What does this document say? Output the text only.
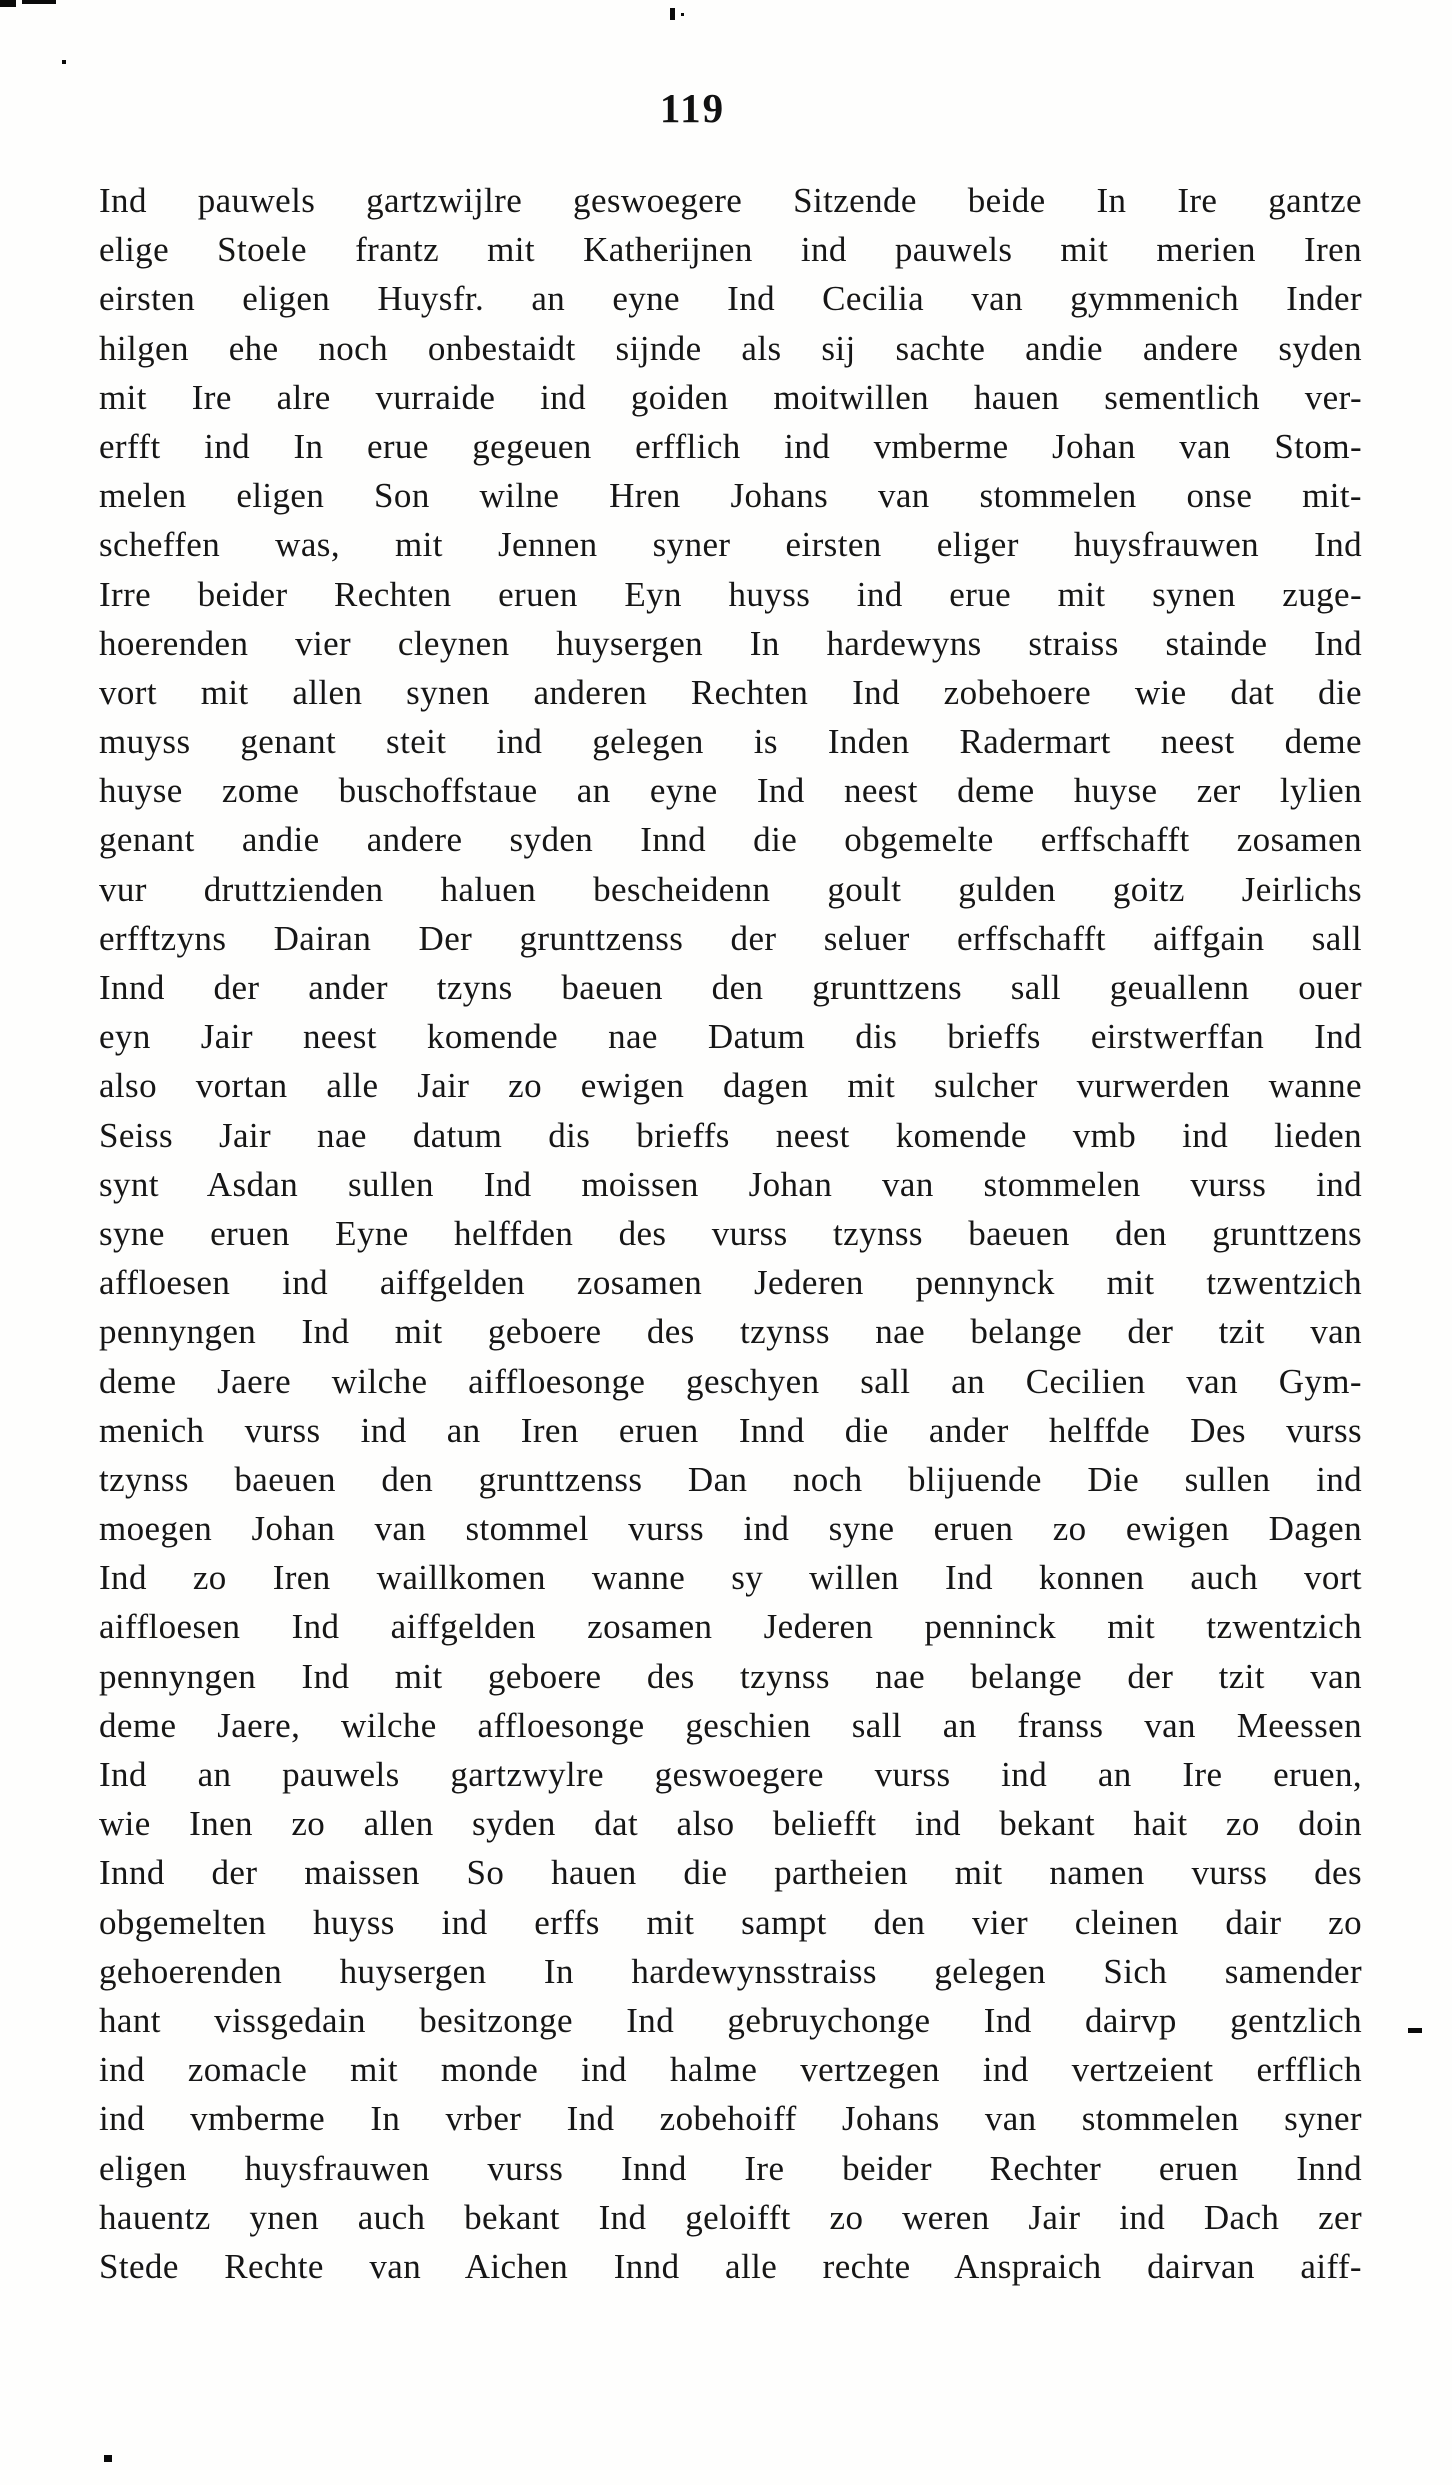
119
Ind pauwels gartzwijlre geswoegere Sitzende beide In Ire gantze
elige Stoele frantz mit Katherijnen ind pauwels mit merien Iren
eirsten eligen Huysfr. an eyne Ind Cecilia van gymmenich Inder
hilgen ehe noch onbestaidt sijnde als sij sachte andie andere syden
mit Ire alre vurraide ind goiden moitwillen hauen sementlich ver-
erfft ind In erue gegeuen erfflich ind vmberme Johan van Stom-
melen eligen Son wilne Hren Johans van stommelen onse mit-
scheffen was, mit Jennen syner eirsten eliger huysfrauwen Ind
Irre beider Rechten eruen Eyn huyss ind erue mit synen zuge-
hoerenden vier cleynen huysergen In hardewyns straiss stainde Ind
vort mit allen synen anderen Rechten Ind zobehoere wie dat die
muyss genant steit ind gelegen is Inden Radermart neest deme
huyse zome buschoffstaue an eyne Ind neest deme huyse zer lylien
genant andie andere syden Innd die obgemelte erffschafft zosamen
vur druttzienden haluen bescheidenn goult gulden goitz Jeirlichs
erfftzyns Dairan Der grunttzenss der seluer erffschafft aiffgain sall
Innd der ander tzyns baeuen den grunttzens sall geuallenn ouer
eyn Jair neest komende nae Datum dis brieffs eirstwerffan Ind
also vortan alle Jair zo ewigen dagen mit sulcher vurwerden wanne
Seiss Jair nae datum dis brieffs neest komende vmb ind lieden
synt Asdan sullen Ind moissen Johan van stommelen vurss ind
syne eruen Eyne helffden des vurss tzynss baeuen den grunttzens
affloesen ind aiffgelden zosamen Jederen pennynck mit tzwentzich
pennyngen Ind mit geboere des tzynss nae belange der tzit van
deme Jaere wilche aiffloesonge geschyen sall an Cecilien van Gym-
menich vurss ind an Iren eruen Innd die ander helffde Des vurss
tzynss baeuen den grunttzenss Dan noch blijuende Die sullen ind
moegen Johan van stommel vurss ind syne eruen zo ewigen Dagen
Ind zo Iren waillkomen wanne sy willen Ind konnen auch vort
aiffloesen Ind aiffgelden zosamen Jederen penninck mit tzwentzich
pennyngen Ind mit geboere des tzynss nae belange der tzit van
deme Jaere, wilche affloesonge geschien sall an franss van Meessen
Ind an pauwels gartzwylre geswoegere vurss ind an Ire eruen,
wie Inen zo allen syden dat also beliefft ind bekant hait zo doin
Innd der maissen So hauen die partheien mit namen vurss des
obgemelten huyss ind erffs mit sampt den vier cleinen dair zo
gehoerenden huysergen In hardewynsstraiss gelegen Sich samender
hant vissgedain besitzonge Ind gebruychonge Ind dairvp gentzlich
ind zomacle mit monde ind halme vertzegen ind vertzeient erfflich
ind vmberme In vrber Ind zobehoiff Johans van stommelen syner
eligen huysfrauwen vurss Innd Ire beider Rechter eruen Innd
hauentz ynen auch bekant Ind geloifft zo weren Jair ind Dach zer
Stede Rechte van Aichen Innd alle rechte Anspraich dairvan aiff-
